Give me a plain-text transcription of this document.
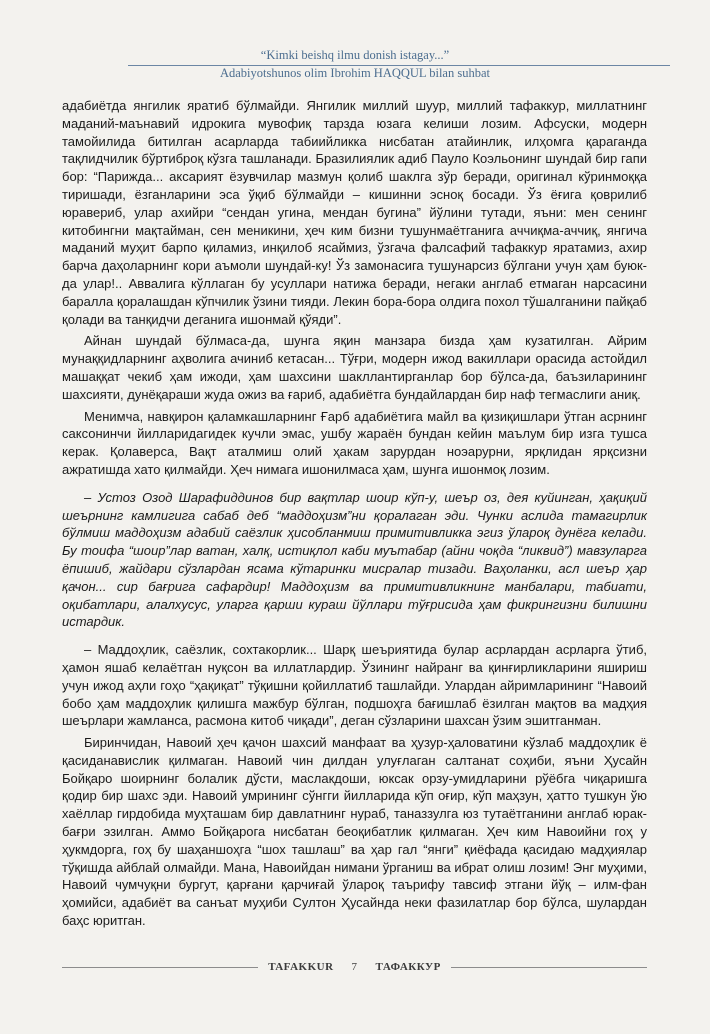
“Kimki beishq ilmu donish istagay...”
Adabiyotshunos olim Ibrohim HAQQUL bilan suhbat

адабиётда янгилик яратиб бўлмайди. Янгилик миллий шуур, миллий тафаккур, миллатнинг маданий-маънавий идрокига мувофиқ тарзда юзага келиши лозим. Афсуски, модерн тамойилида битилган асарларда табиийликка нисбатан атайинлик, илҳомга қараганда тақлидчилик бўртиброқ кўзга ташланади. Бразилиялик адиб Пауло Коэльонинг шундай бир гапи бор: “Парижда... аксарият ёзувчилар мазмун қолиб шаклга зўр беради, оригинал кўринмоққа тиришади, ёзганларини эса ўқиб бўлмайди – кишинни эсноқ босади. Ўз ёғига қоврилиб юравериб, улар ахийри “сендан угина, мендан бугина” йўлини тутади, яъни: мен сенинг китобингни мақтайман, сен меникини, ҳеч ким бизни тушунмаётганига аччиқма-аччиқ, янгича маданий муҳит барпо қиламиз, инқилоб ясаймиз, ўзгача фалсафий тафаккур яратамиз, ахир барча даҳоларнинг кори аъмоли шундай-ку! Ўз замонасига тушунарсиз бўлгани учун ҳам буюк-да улар!.. Аввалига кўллаган бу усуллари натижа беради, негаки англаб етмаган нарсасини бараллa қоралашдан кўпчилик ўзини тияди. Лекин бора-бора олдига похол тўшалганини пайқаб қолади ва танқидчи деганига ишонмай қўяди”.

Айнан шундай бўлмаса-да, шунга яқин манзара бизда ҳам кузатилган. Айрим мунаққидларнинг аҳволига ачиниб кетасан... Тўғри, модерн ижод вакиллари орасида астойдил машаққат чекиб ҳам ижоди, ҳам шахсини шакллантирганлар бор бўлса-да, баъзиларининг шахсияти, дунёқараши жуда ожиз ва ғариб, адабиётга бундайлардан бир наф тегмаслиги аниқ.

Менимча, навқирон қаламкашларнинг Ғарб адабиётига майл ва қизиқишлари ўтган асрнинг саксонинчи йилларидагидек кучли эмас, ушбу жараён бундан кейин маълум бир изга тушса керак. Қолаверса, Вақт аталмиш олий ҳакам зарурдан ноэарурни, ярқлидан ярқсизни ажратишда хато қилмайди. Ҳеч нимага ишонилмаса ҳам, шунга ишонмоқ лозим.

– Устоз Озод Шарафиддинов бир вақтлар шоир кўп-у, шеър оз, дея куйинган, ҳақиқий шеърнинг камлигига сабаб деб “маддоҳизм”ни қоралаган эди. Чунки аслида тамагирлик бўлмиш маддоҳизм адабий саёзлик ҳисобланмиш примитивликка эгиз ўлароқ дунёга келади. Бу тоифа “шоир”лар ватан, халқ, истиқлол каби муътабар (айни чоқда “ликвид”) мавзуларга ёпишиб, жайдари сўзлардан ясама кўтаринки мисралар тизади. Ваҳоланки, асл шеър ҳар қачон... сир бағрига сафардир! Маддоҳизм ва примитивликнинг манбалари, табиати, оқибатлари, алалхусус, уларга қарши кураш йўллари тўғрисида ҳам фикрингизни билишни истардик.

– Маддоҳлик, саёзлик, сохтакорлик... Шарқ шеъриятида булар асрлардан асрларга ўтиб, ҳамон яшаб келаётган нуқсон ва иллатлардир. Ўзининг найранг ва қинғирликларини яшириш учун ижод аҳли гоҳо “ҳақиқат” тўқишни қойиллатиб ташлайди. Улардан айримларининг “Навоий бобо ҳам маддоҳлик қилишга мажбур бўлган, подшоҳга бағишлаб ёзилган мақтов ва мадҳия шеърлари жамланса, расмона китоб чиқади”, деган сўзларини шахсан ўзим эшитганман.

Биринчидан, Навоий ҳеч қачон шахсий манфаат ва ҳузур-ҳаловатини кўзлаб маддоҳлик ё қасиданавислик қилмаган. Навоий чин дилдан улуғлаган салтанат соҳиби, яъни Ҳусайн Бойқаро шоирнинг болалик дўсти, маслакдоши, юксак орзу-умидларини рўёбга чиқаришга қодир бир шахс эди. Навоий умрининг сўнгги йилларида кўп оғир, кўп маҳзун, ҳатто тушкун ўю хаёллар гирдобида муҳташам бир давлатнинг нураб, таназзулга юз тутаётганини англаб юрак-бағри эзилган. Аммо Бойқарога нисбатан беоқибатлик қилмаган. Ҳеч ким Навоийни гоҳ у ҳукмдорга, гоҳ бу шаҳаншоҳга “шох ташлаш” ва ҳар гал “янги” қиёфада қасидаю мадҳиялар тўқишда айблай олмайди. Мана, Навоийдан нимани ўрганиш ва ибрат олиш лозим! Энг муҳими, Навоий чумчуқни бургут, қарғани қарчиғай ўлароқ таърифу тавсиф этгани йўқ – илм-фан ҳомийси, адабиёт ва санъат муҳиби Султон Ҳусайнда неки фазилатлар бор бўлса, шулардан баҳс юритган.

TAFAKKUR	7	ТАФАККУР
